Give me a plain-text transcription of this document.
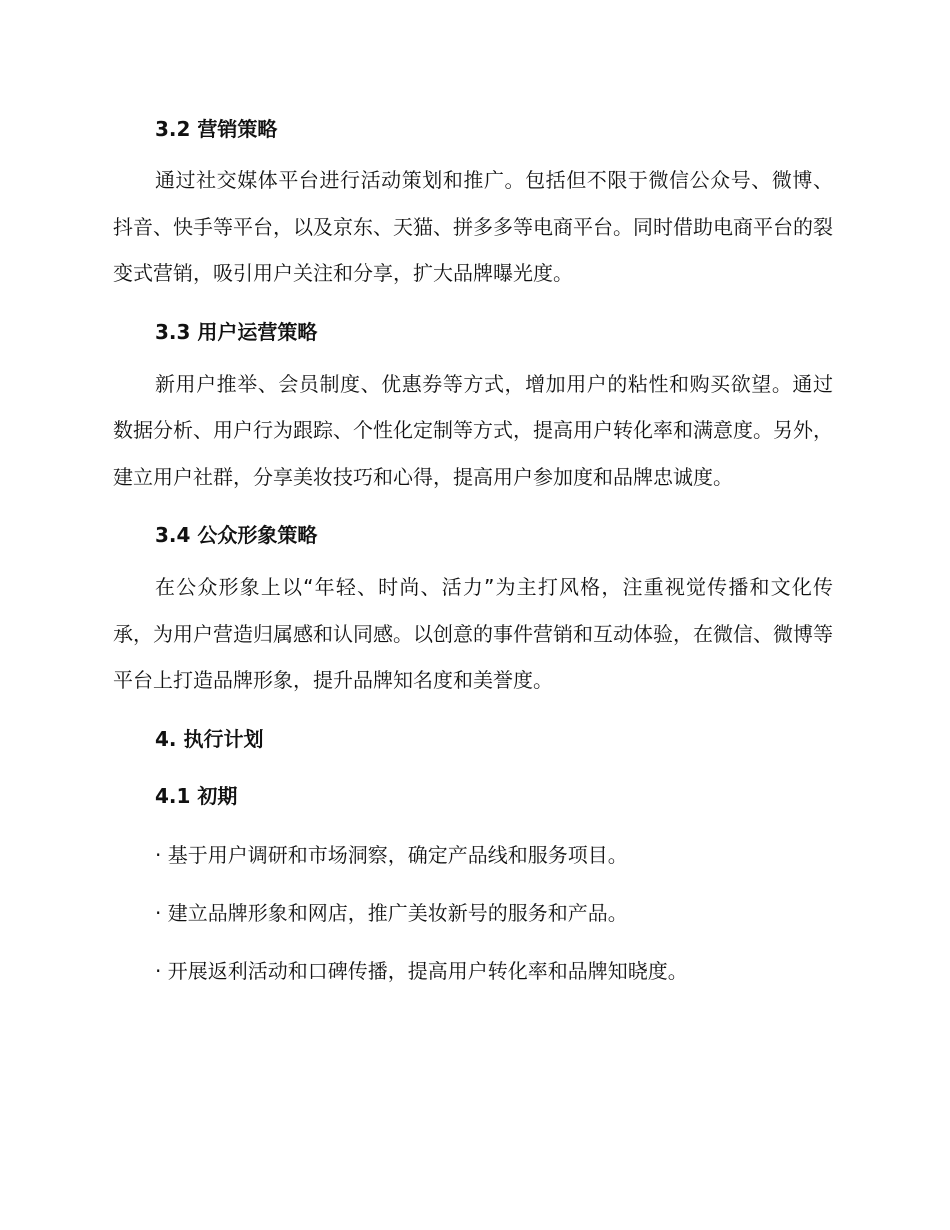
3.2 营销策略

通过社交媒体平台进行活动策划和推广。包括但不限于微信公众号、微博、抖音、快手等平台，以及京东、天猫、拼多多等电商平台。同时借助电商平台的裂变式营销，吸引用户关注和分享，扩大品牌曝光度。

3.3 用户运营策略

新用户推举、会员制度、优惠券等方式，增加用户的粘性和购买欲望。通过数据分析、用户行为跟踪、个性化定制等方式，提高用户转化率和满意度。另外，建立用户社群，分享美妆技巧和心得，提高用户参加度和品牌忠诚度。

3.4 公众形象策略

在公众形象上以“年轻、时尚、活力”为主打风格，注重视觉传播和文化传承，为用户营造归属感和认同感。以创意的事件营销和互动体验，在微信、微博等平台上打造品牌形象，提升品牌知名度和美誉度。

4. 执行计划
4.1 初期

· 基于用户调研和市场洞察，确定产品线和服务项目。

· 建立品牌形象和网店，推广美妆新号的服务和产品。

· 开展返利活动和口碑传播，提高用户转化率和品牌知晓度。
